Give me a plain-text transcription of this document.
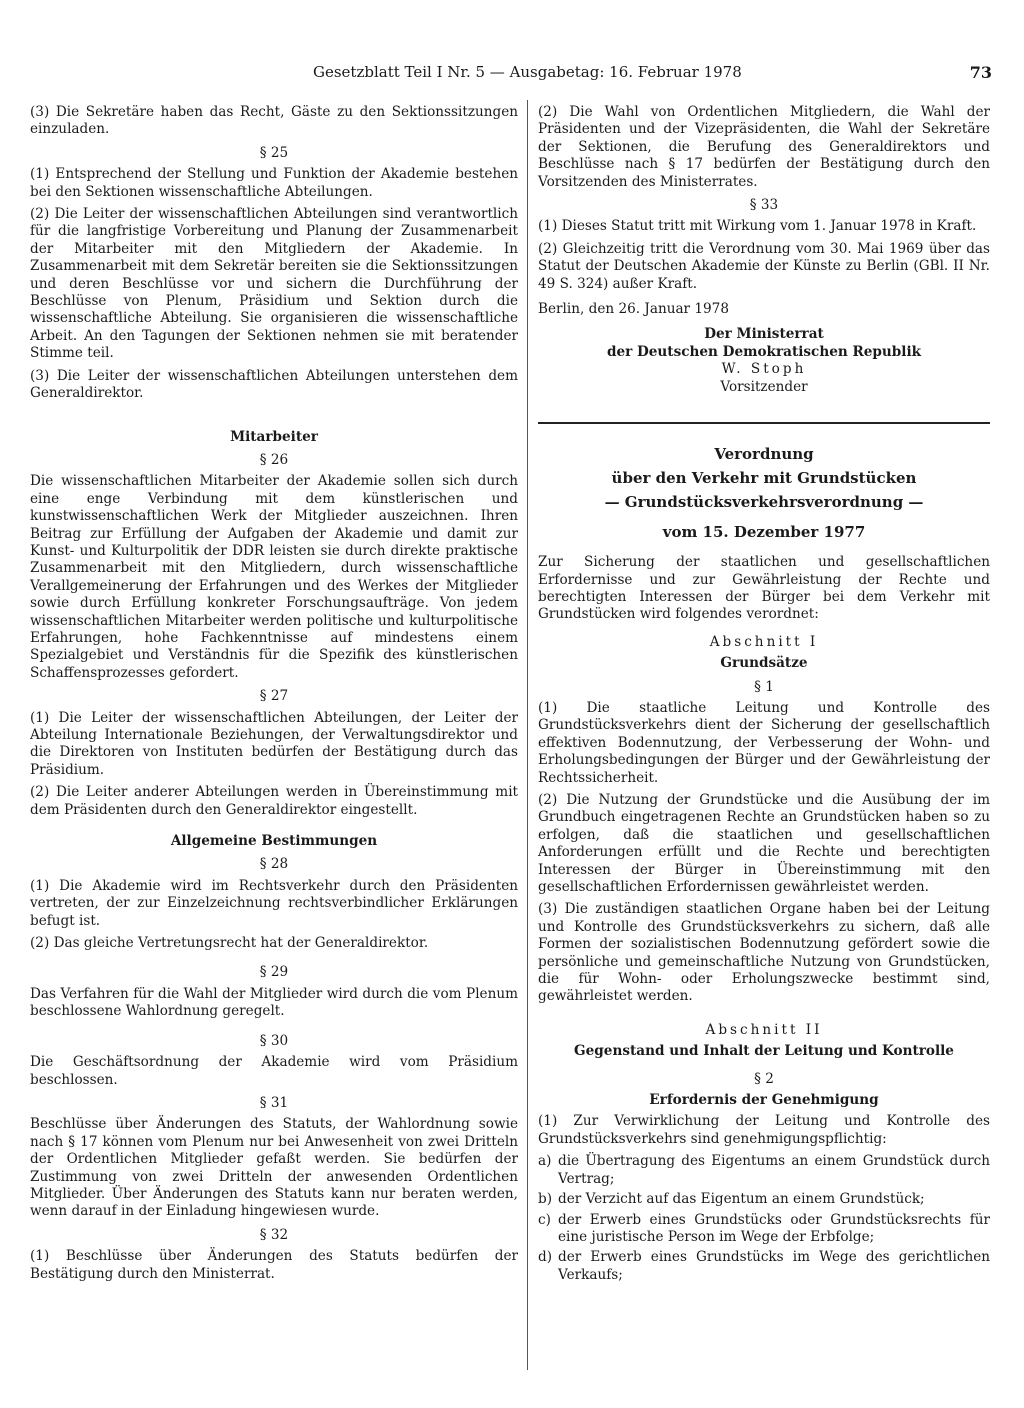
Gesetzblatt Teil I Nr. 5 — Ausgabetag: 16. Februar 1978	73

(3) Die Sekretäre haben das Recht, Gäste zu den Sektionssitzungen einzuladen.

§ 25

(1) Entsprechend der Stellung und Funktion der Akademie bestehen bei den Sektionen wissenschaftliche Abteilungen.

(2) Die Leiter der wissenschaftlichen Abteilungen sind verantwortlich für die langfristige Vorbereitung und Planung der Zusammenarbeit der Mitarbeiter mit den Mitgliedern der Akademie. In Zusammenarbeit mit dem Sekretär bereiten sie die Sektionssitzungen und deren Beschlüsse vor und sichern die Durchführung der Beschlüsse von Plenum, Präsidium und Sektion durch die wissenschaftliche Abteilung. Sie organisieren die wissenschaftliche Arbeit. An den Tagungen der Sektionen nehmen sie mit beratender Stimme teil.

(3) Die Leiter der wissenschaftlichen Abteilungen unterstehen dem Generaldirektor.

Mitarbeiter
§ 26

Die wissenschaftlichen Mitarbeiter der Akademie sollen sich durch eine enge Verbindung mit dem künstlerischen und kunstwissenschaftlichen Werk der Mitglieder auszeichnen. Ihren Beitrag zur Erfüllung der Aufgaben der Akademie und damit zur Kunst- und Kulturpolitik der DDR leisten sie durch direkte praktische Zusammenarbeit mit den Mitgliedern, durch wissenschaftliche Verallgemeinerung der Erfahrungen und des Werkes der Mitglieder sowie durch Erfüllung konkreter Forschungsaufträge. Von jedem wissenschaftlichen Mitarbeiter werden politische und kulturpolitische Erfahrungen, hohe Fachkenntnisse auf mindestens einem Spezialgebiet und Verständnis für die Spezifik des künstlerischen Schaffensprozesses gefordert.

§ 27

(1) Die Leiter der wissenschaftlichen Abteilungen, der Leiter der Abteilung Internationale Beziehungen, der Verwaltungsdirektor und die Direktoren von Instituten bedürfen der Bestätigung durch das Präsidium.

(2) Die Leiter anderer Abteilungen werden in Übereinstimmung mit dem Präsidenten durch den Generaldirektor eingestellt.

Allgemeine Bestimmungen
§ 28

(1) Die Akademie wird im Rechtsverkehr durch den Präsidenten vertreten, der zur Einzelzeichnung rechtsverbindlicher Erklärungen befugt ist.

(2) Das gleiche Vertretungsrecht hat der Generaldirektor.

§ 29

Das Verfahren für die Wahl der Mitglieder wird durch die vom Plenum beschlossene Wahlordnung geregelt.

§ 30

Die Geschäftsordnung der Akademie wird vom Präsidium beschlossen.

§ 31

Beschlüsse über Änderungen des Statuts, der Wahlordnung sowie nach § 17 können vom Plenum nur bei Anwesenheit von zwei Dritteln der Ordentlichen Mitglieder gefaßt werden. Sie bedürfen der Zustimmung von zwei Dritteln der anwesenden Ordentlichen Mitglieder. Über Änderungen des Statuts kann nur beraten werden, wenn darauf in der Einladung hingewiesen wurde.

§ 32

(1) Beschlüsse über Änderungen des Statuts bedürfen der Bestätigung durch den Ministerrat.

(2) Die Wahl von Ordentlichen Mitgliedern, die Wahl der Präsidenten und der Vizepräsidenten, die Wahl der Sekretäre der Sektionen, die Berufung des Generaldirektors und Beschlüsse nach § 17 bedürfen der Bestätigung durch den Vorsitzenden des Ministerrates.

§ 33

(1) Dieses Statut tritt mit Wirkung vom 1. Januar 1978 in Kraft.

(2) Gleichzeitig tritt die Verordnung vom 30. Mai 1969 über das Statut der Deutschen Akademie der Künste zu Berlin (GBl. II Nr. 49 S. 324) außer Kraft.

Berlin, den 26. Januar 1978

Der Ministerrat
der Deutschen Demokratischen Republik
W. Stoph
Vorsitzender
Verordnung
über den Verkehr mit Grundstücken
— Grundstücksverkehrsverordnung —
vom 15. Dezember 1977

Zur Sicherung der staatlichen und gesellschaftlichen Erfordernisse und zur Gewährleistung der Rechte und berechtigten Interessen der Bürger bei dem Verkehr mit Grundstücken wird folgendes verordnet:

Abschnitt I
Grundsätze
§ 1

(1) Die staatliche Leitung und Kontrolle des Grundstücksverkehrs dient der Sicherung der gesellschaftlich effektiven Bodennutzung, der Verbesserung der Wohn- und Erholungsbedingungen der Bürger und der Gewährleistung der Rechtssicherheit.

(2) Die Nutzung der Grundstücke und die Ausübung der im Grundbuch eingetragenen Rechte an Grundstücken haben so zu erfolgen, daß die staatlichen und gesellschaftlichen Anforderungen erfüllt und die Rechte und berechtigten Interessen der Bürger in Übereinstimmung mit den gesellschaftlichen Erfordernissen gewährleistet werden.

(3) Die zuständigen staatlichen Organe haben bei der Leitung und Kontrolle des Grundstücksverkehrs zu sichern, daß alle Formen der sozialistischen Bodennutzung gefördert sowie die persönliche und gemeinschaftliche Nutzung von Grundstücken, die für Wohn- oder Erholungszwecke bestimmt sind, gewährleistet werden.

Abschnitt II
Gegenstand und Inhalt der Leitung und Kontrolle
§ 2
Erfordernis der Genehmigung

(1) Zur Verwirklichung der Leitung und Kontrolle des Grundstücksverkehrs sind genehmigungspflichtig:

a) die Übertragung des Eigentums an einem Grundstück durch Vertrag;
b) der Verzicht auf das Eigentum an einem Grundstück;
c) der Erwerb eines Grundstücks oder Grundstücksrechts für eine juristische Person im Wege der Erbfolge;
d) der Erwerb eines Grundstücks im Wege des gerichtlichen Verkaufs;
